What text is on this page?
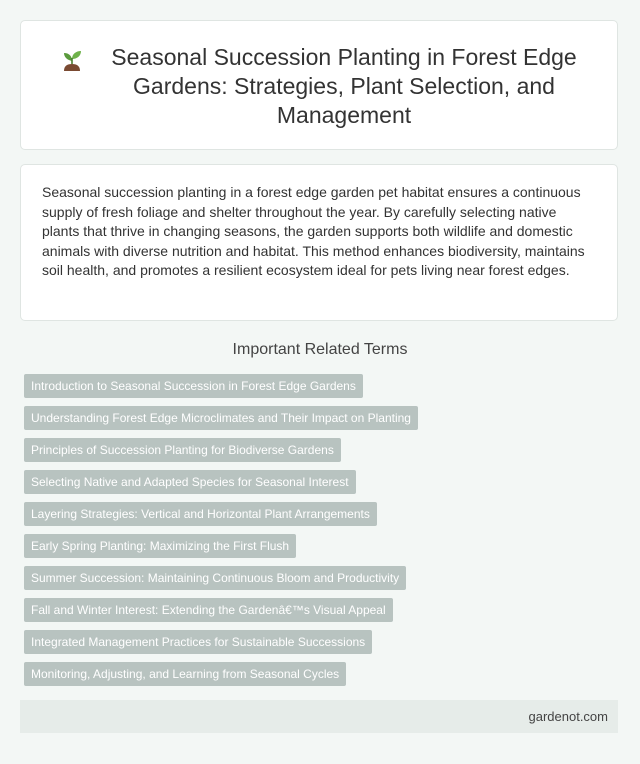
Seasonal Succession Planting in Forest Edge Gardens: Strategies, Plant Selection, and Management

Seasonal succession planting in a forest edge garden pet habitat ensures a continuous supply of fresh foliage and shelter throughout the year. By carefully selecting native plants that thrive in changing seasons, the garden supports both wildlife and domestic animals with diverse nutrition and habitat. This method enhances biodiversity, maintains soil health, and promotes a resilient ecosystem ideal for pets living near forest edges.

Important Related Terms
Introduction to Seasonal Succession in Forest Edge Gardens
Understanding Forest Edge Microclimates and Their Impact on Planting
Principles of Succession Planting for Biodiverse Gardens
Selecting Native and Adapted Species for Seasonal Interest
Layering Strategies: Vertical and Horizontal Plant Arrangements
Early Spring Planting: Maximizing the First Flush
Summer Succession: Maintaining Continuous Bloom and Productivity
Fall and Winter Interest: Extending the Gardenâ€™s Visual Appeal
Integrated Management Practices for Sustainable Successions
Monitoring, Adjusting, and Learning from Seasonal Cycles
gardenot.com
